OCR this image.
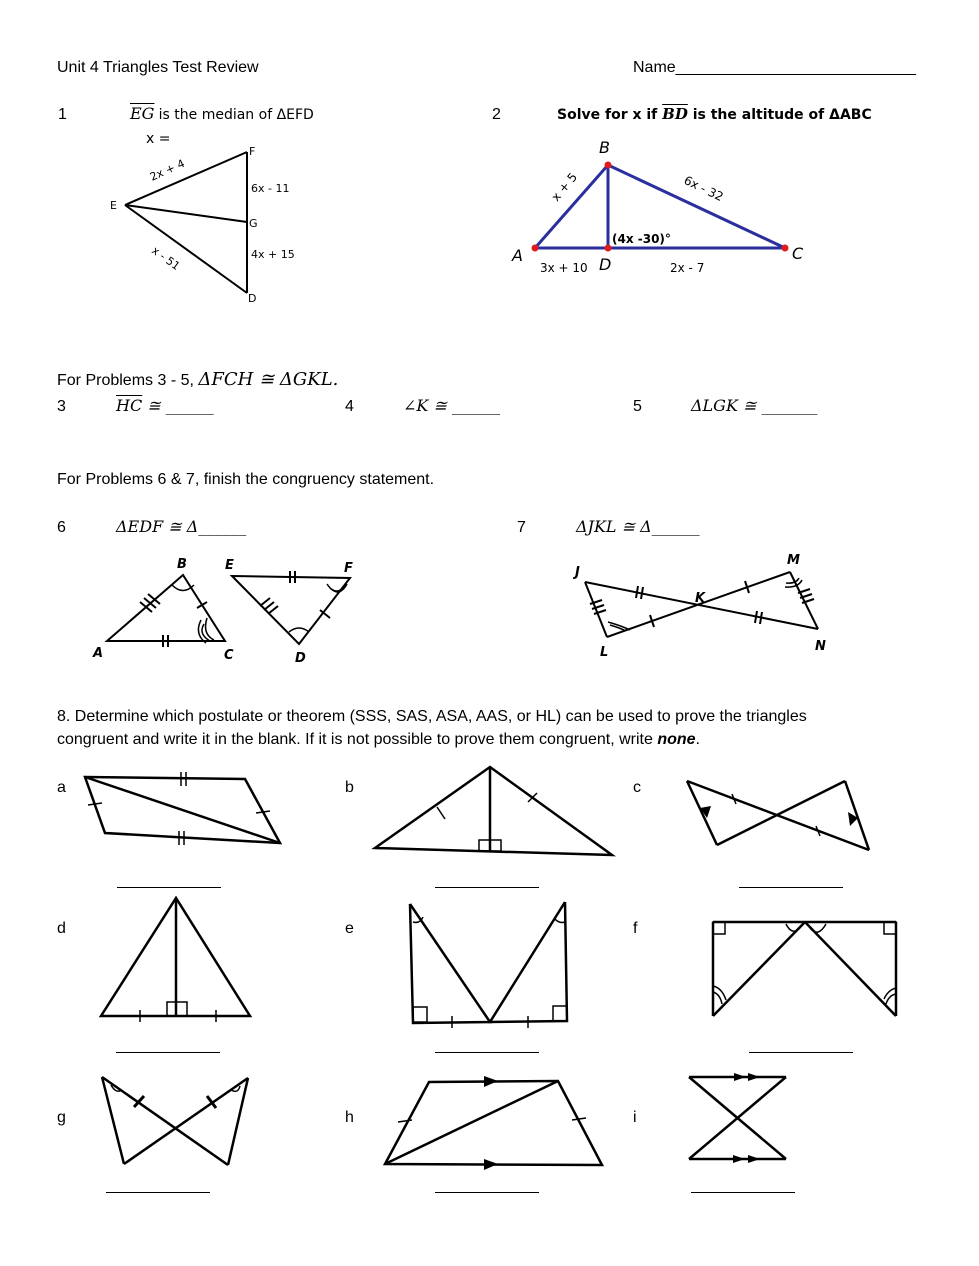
Unit 4 Triangles Test Review	Name___________________________
1	$\overline{EG}$ is the median of ΔEFD
x =
E
F
G
D
2x + 4
6x - 11
4x + 15
x - 51
2	Solve for x if $\overline{BD}$ is the altitude of ΔABC
A
B
C
D
x + 5	6x - 32
3x + 10	2x - 7
(4x -30)°
For Problems 3 - 5, ΔFCH ≅ ΔGKL.
3	$\overline{HC}$ ≅ ______	4	∠K ≅ ______	5	ΔLGK ≅ _______
For Problems 6 & 7, finish the congruency statement.
6	ΔEDF ≅ Δ______	7	ΔJKL ≅ Δ______
A
B
C
E	F
D
J
K
L
M
N
8. Determine which postulate or theorem (SSS, SAS, ASA, AAS, or HL) can be used to prove the triangles
congruent and write it in the blank. If it is not possible to prove them congruent, write none.
a	b	c
d	e	f
g	h	i
